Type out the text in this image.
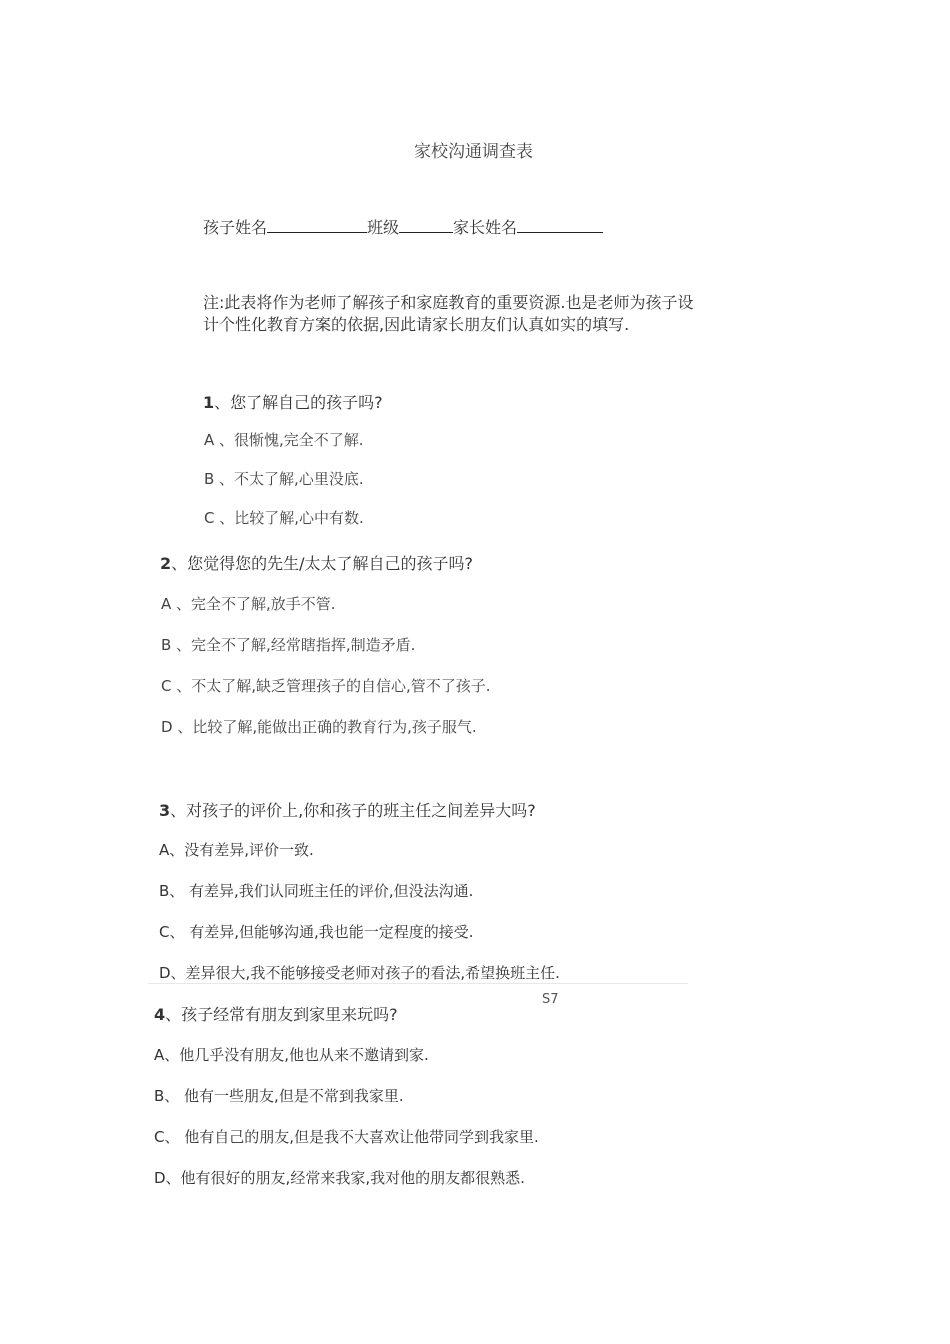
家校沟通调查表
孩子姓名	班级	家长姓名
注:此表将作为老师了解孩子和家庭教育的重要资源.也是老师为孩子设
计个性化教育方案的依据,因此请家长朋友们认真如实的填写.
1、您了解自己的孩子吗?
A 、很惭愧,完全不了解.
B 、不太了解,心里没底.
C 、比较了解,心中有数.
2、您觉得您的先生/太太了解自己的孩子吗?
A 、完全不了解,放手不管.
B 、完全不了解,经常瞎指挥,制造矛盾.
C 、不太了解,缺乏管理孩子的自信心,管不了孩子.
D 、比较了解,能做出正确的教育行为,孩子服气.
3、对孩子的评价上,你和孩子的班主任之间差异大吗?
A、没有差异,评价一致.
B、 有差异,我们认同班主任的评价,但没法沟通.
C、 有差异,但能够沟通,我也能一定程度的接受.
D、差异很大,我不能够接受老师对孩子的看法,希望换班主任.
S7
4、孩子经常有朋友到家里来玩吗?
A、他几乎没有朋友,他也从来不邀请到家.
B、 他有一些朋友,但是不常到我家里.
C、 他有自己的朋友,但是我不大喜欢让他带同学到我家里.
D、他有很好的朋友,经常来我家,我对他的朋友都很熟悉.
